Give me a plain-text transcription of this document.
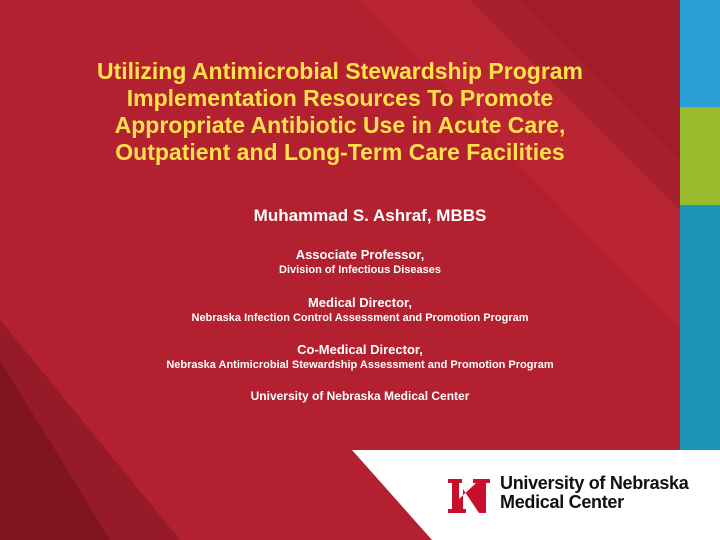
Utilizing Antimicrobial Stewardship Program
Implementation Resources To Promote
Appropriate Antibiotic Use in Acute Care,
Outpatient and Long-Term Care Facilities

Muhammad S. Ashraf, MBBS

Associate Professor,
Division of Infectious Diseases
Medical Director,
Nebraska Infection Control Assessment and Promotion Program
Co-Medical Director,
Nebraska Antimicrobial Stewardship Assessment and Promotion Program

University of Nebraska Medical Center

University of Nebraska
Medical Center
